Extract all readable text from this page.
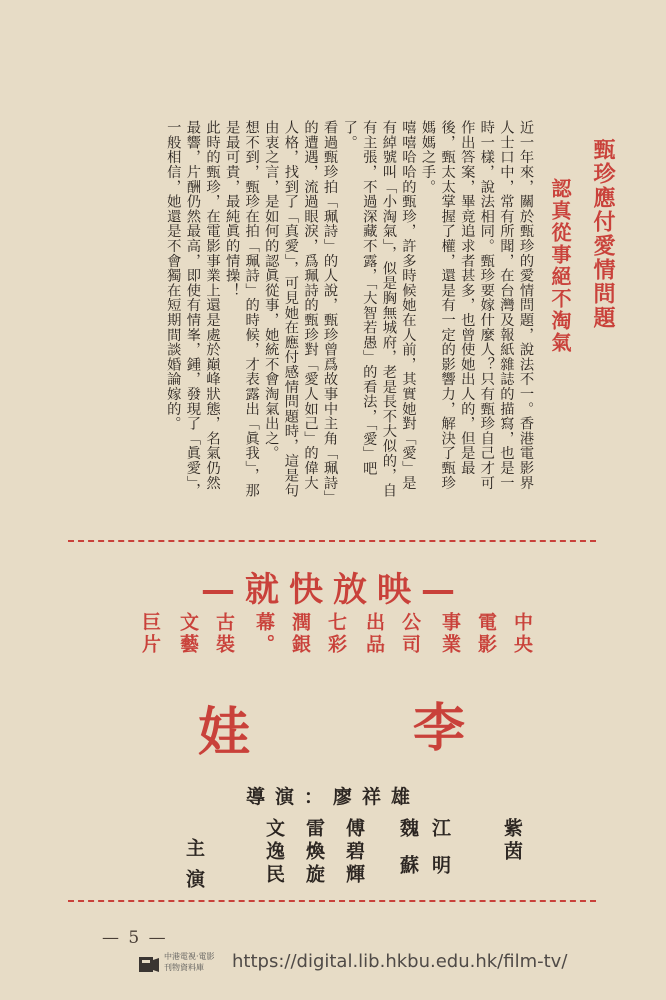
甄珍應付愛情問題
認真從事絕不淘氣

近一年來，關於甄珍的愛情問題，說法不一。香港電影界人士口中，常有所聞，在台灣及報紙雜誌的描寫，也是一時一樣，說法相同。甄珍要嫁什麼人？只有甄珍自己才可作出答案，畢竟追求者甚多，也曾使她出人的，但是最後，甄太太掌握了權，還是有一定的影響力，解決了甄珍媽媽之手。

嘻嘻哈哈的甄珍，許多時候她在人前，其實她對「愛」是有綽號叫「小淘氣」，似是胸無城府，老是長不大似的，自有主張，不過深藏不露，「大智若愚」的看法，「愛」吧了。

看過甄珍拍「珮詩」的人說，甄珍曾爲故事中主角「珮詩」的遭遇，流過眼淚，爲珮詩的甄珍對「愛人如己」的偉大人格，找到了「真愛」，可見她在應付感情問題時，這是句由衷之言，是如何的認眞從事，她統不會淘氣出之。

想不到，甄珍在拍「珮詩」的時候，才表露出「眞我」，那是最可貴，最純眞的情操！

此時的甄珍，在電影事業上還是處於巔峰狀態，名氣仍然最響，片酬仍然最高，即使有情峯，鍾，發現了「眞愛」，一般相信，她還是不會獨在短期間談婚論嫁的。

—就快放映—
中央
電影
事業
公司
出品
七彩
潤銀
幕。
古裝
文藝
巨片
李
娃
導演：廖祥雄
紫茵
江明
魏蘇
傅碧輝
雷煥旋
文逸民
主演
— 5 —
中港電視·電影
刊物資料庫	https://digital.lib.hkbu.edu.hk/film-tv/
